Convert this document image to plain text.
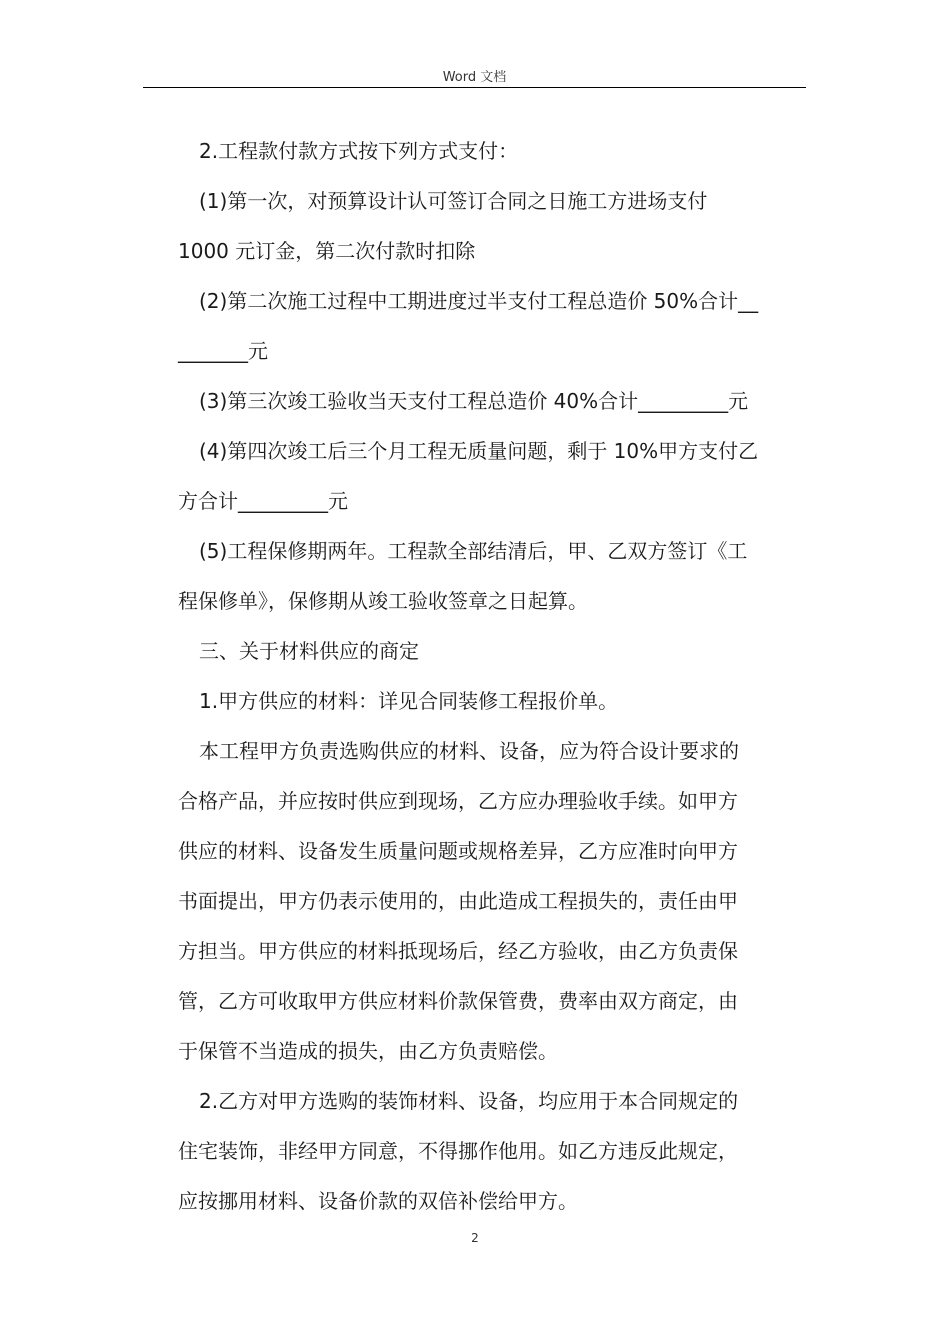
Word 文档

2.工程款付款方式按下列方式支付：

(1)第一次，对预算设计认可签订合同之日施工方进场支付

1000 元订金，第二次付款时扣除

(2)第二次施工过程中工期进度过半支付工程总造价 50%合计__

_______元

(3)第三次竣工验收当天支付工程总造价 40%合计_________元

(4)第四次竣工后三个月工程无质量问题，剩于 10%甲方支付乙

方合计_________元

(5)工程保修期两年。工程款全部结清后，甲、乙双方签订《工

程保修单》，保修期从竣工验收签章之日起算。

三、关于材料供应的商定

1.甲方供应的材料：详见合同装修工程报价单。

本工程甲方负责选购供应的材料、设备，应为符合设计要求的

合格产品，并应按时供应到现场，乙方应办理验收手续。如甲方

供应的材料、设备发生质量问题或规格差异，乙方应准时向甲方

书面提出，甲方仍表示使用的，由此造成工程损失的，责任由甲

方担当。甲方供应的材料抵现场后，经乙方验收，由乙方负责保

管，乙方可收取甲方供应材料价款保管费，费率由双方商定，由

于保管不当造成的损失，由乙方负责赔偿。

2.乙方对甲方选购的装饰材料、设备，均应用于本合同规定的

住宅装饰，非经甲方同意，不得挪作他用。如乙方违反此规定，

应按挪用材料、设备价款的双倍补偿给甲方。

2
